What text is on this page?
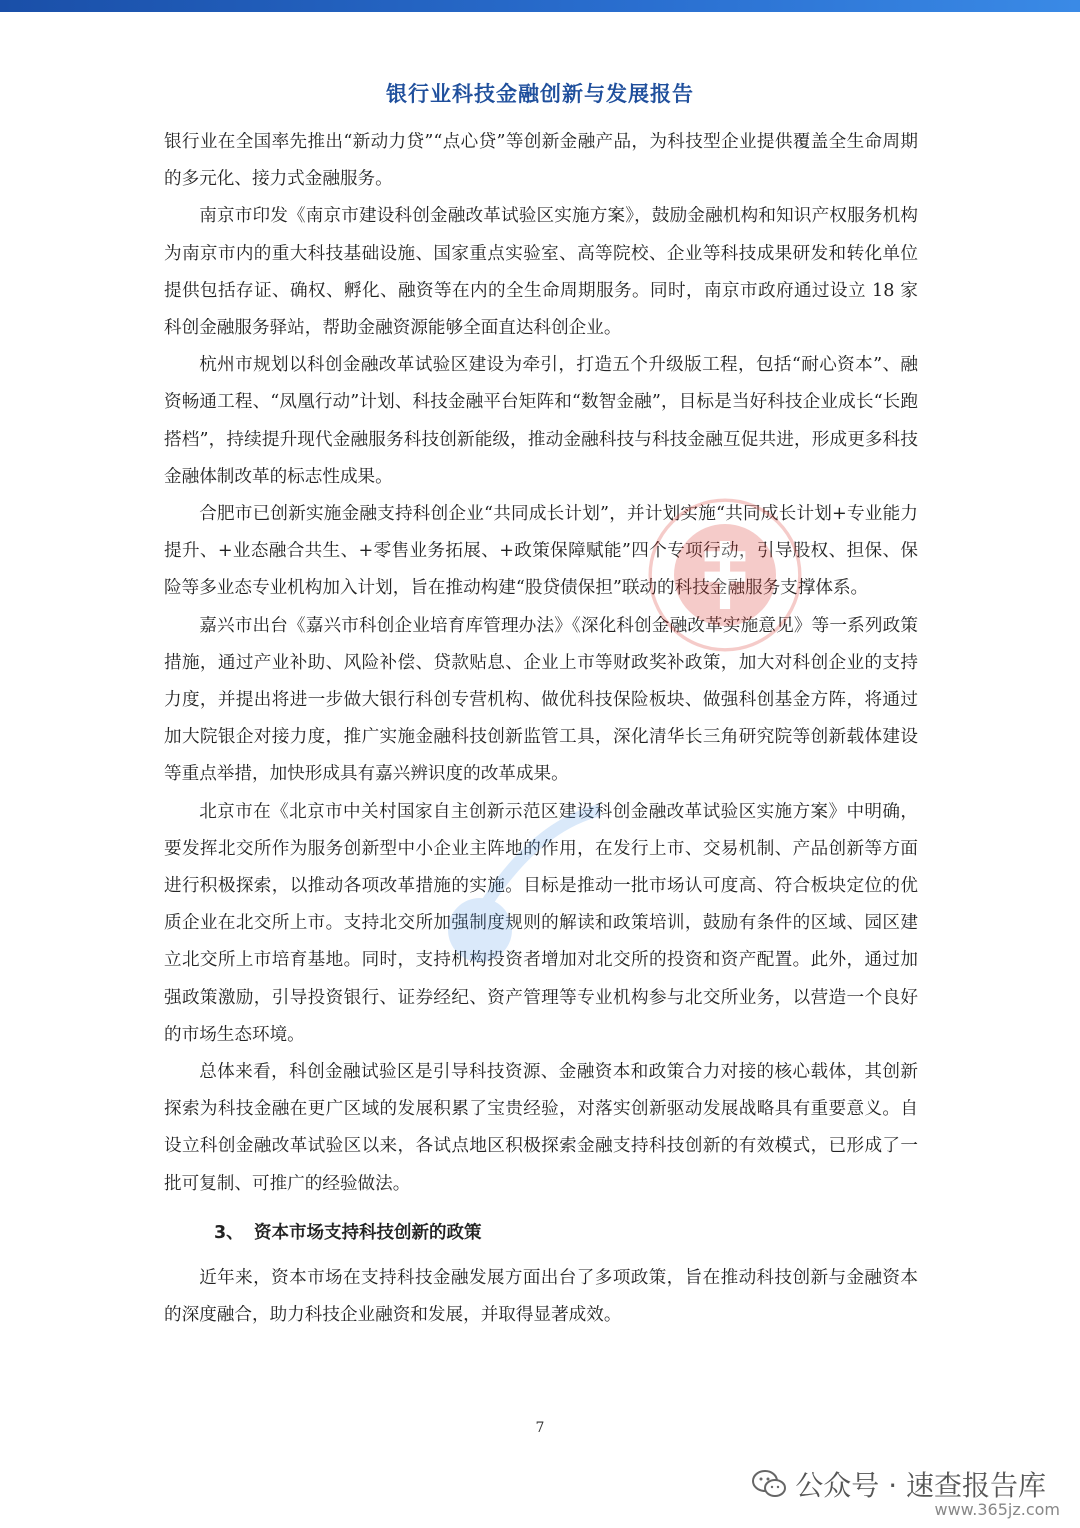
银行业科技金融创新与发展报告

银行业在全国率先推出“新动力贷”“点心贷”等创新金融产品，为科技型企业提供覆盖全生命周期的多元化、接力式金融服务。

南京市印发《南京市建设科创金融改革试验区实施方案》，鼓励金融机构和知识产权服务机构为南京市内的重大科技基础设施、国家重点实验室、高等院校、企业等科技成果研发和转化单位提供包括存证、确权、孵化、融资等在内的全生命周期服务。同时，南京市政府通过设立 18 家科创金融服务驿站，帮助金融资源能够全面直达科创企业。

杭州市规划以科创金融改革试验区建设为牵引，打造五个升级版工程，包括“耐心资本”、融资畅通工程、“凤凰行动”计划、科技金融平台矩阵和“数智金融”，目标是当好科技企业成长“长跑搭档”，持续提升现代金融服务科技创新能级，推动金融科技与科技金融互促共进，形成更多科技金融体制改革的标志性成果。

合肥市已创新实施金融支持科创企业“共同成长计划”，并计划实施“共同成长计划+专业能力提升、+业态融合共生、+零售业务拓展、+政策保障赋能”四个专项行动，引导股权、担保、保险等多业态专业机构加入计划，旨在推动构建“股贷债保担”联动的科技金融服务支撑体系。

嘉兴市出台《嘉兴市科创企业培育库管理办法》《深化科创金融改革实施意见》等一系列政策措施，通过产业补助、风险补偿、贷款贴息、企业上市等财政奖补政策，加大对科创企业的支持力度，并提出将进一步做大银行科创专营机构、做优科技保险板块、做强科创基金方阵，将通过加大院银企对接力度，推广实施金融科技创新监管工具，深化清华长三角研究院等创新载体建设等重点举措，加快形成具有嘉兴辨识度的改革成果。

北京市在《北京市中关村国家自主创新示范区建设科创金融改革试验区实施方案》中明确，要发挥北交所作为服务创新型中小企业主阵地的作用，在发行上市、交易机制、产品创新等方面进行积极探索，以推动各项改革措施的实施。目标是推动一批市场认可度高、符合板块定位的优质企业在北交所上市。支持北交所加强制度规则的解读和政策培训，鼓励有条件的区域、园区建立北交所上市培育基地。同时，支持机构投资者增加对北交所的投资和资产配置。此外，通过加强政策激励，引导投资银行、证券经纪、资产管理等专业机构参与北交所业务，以营造一个良好的市场生态环境。

总体来看，科创金融试验区是引导科技资源、金融资本和政策合力对接的核心载体，其创新探索为科技金融在更广区域的发展积累了宝贵经验，对落实创新驱动发展战略具有重要意义。自设立科创金融改革试验区以来，各试点地区积极探索金融支持科技创新的有效模式，已形成了一批可复制、可推广的经验做法。

3、 资本市场支持科技创新的政策

近年来，资本市场在支持科技金融发展方面出台了多项政策，旨在推动科技创新与金融资本的深度融合，助力科技企业融资和发展，并取得显著成效。

7
公众号 · 速查报告库
www.365jz.com
